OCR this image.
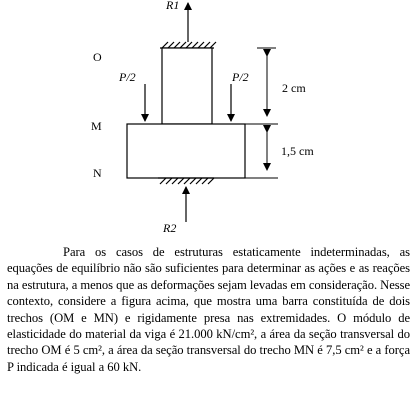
R1
R2
P/2	P/2
O
M
N
2 cm
1,5 cm

Para os casos de estruturas estaticamente indeterminadas, as equações de equilíbrio não são suficientes para determinar as ações e as reações na estrutura, a menos que as deformações sejam levadas em consideração. Nesse contexto, considere a figura acima, que mostra uma barra constituída de dois trechos (OM e MN) e rigidamente presa nas extremidades. O módulo de elasticidade do material da viga é 21.000 kN/cm², a área da seção transversal do trecho OM é 5 cm², a área da seção transversal do trecho MN é 7,5 cm² e a força P indicada é igual a 60 kN.
